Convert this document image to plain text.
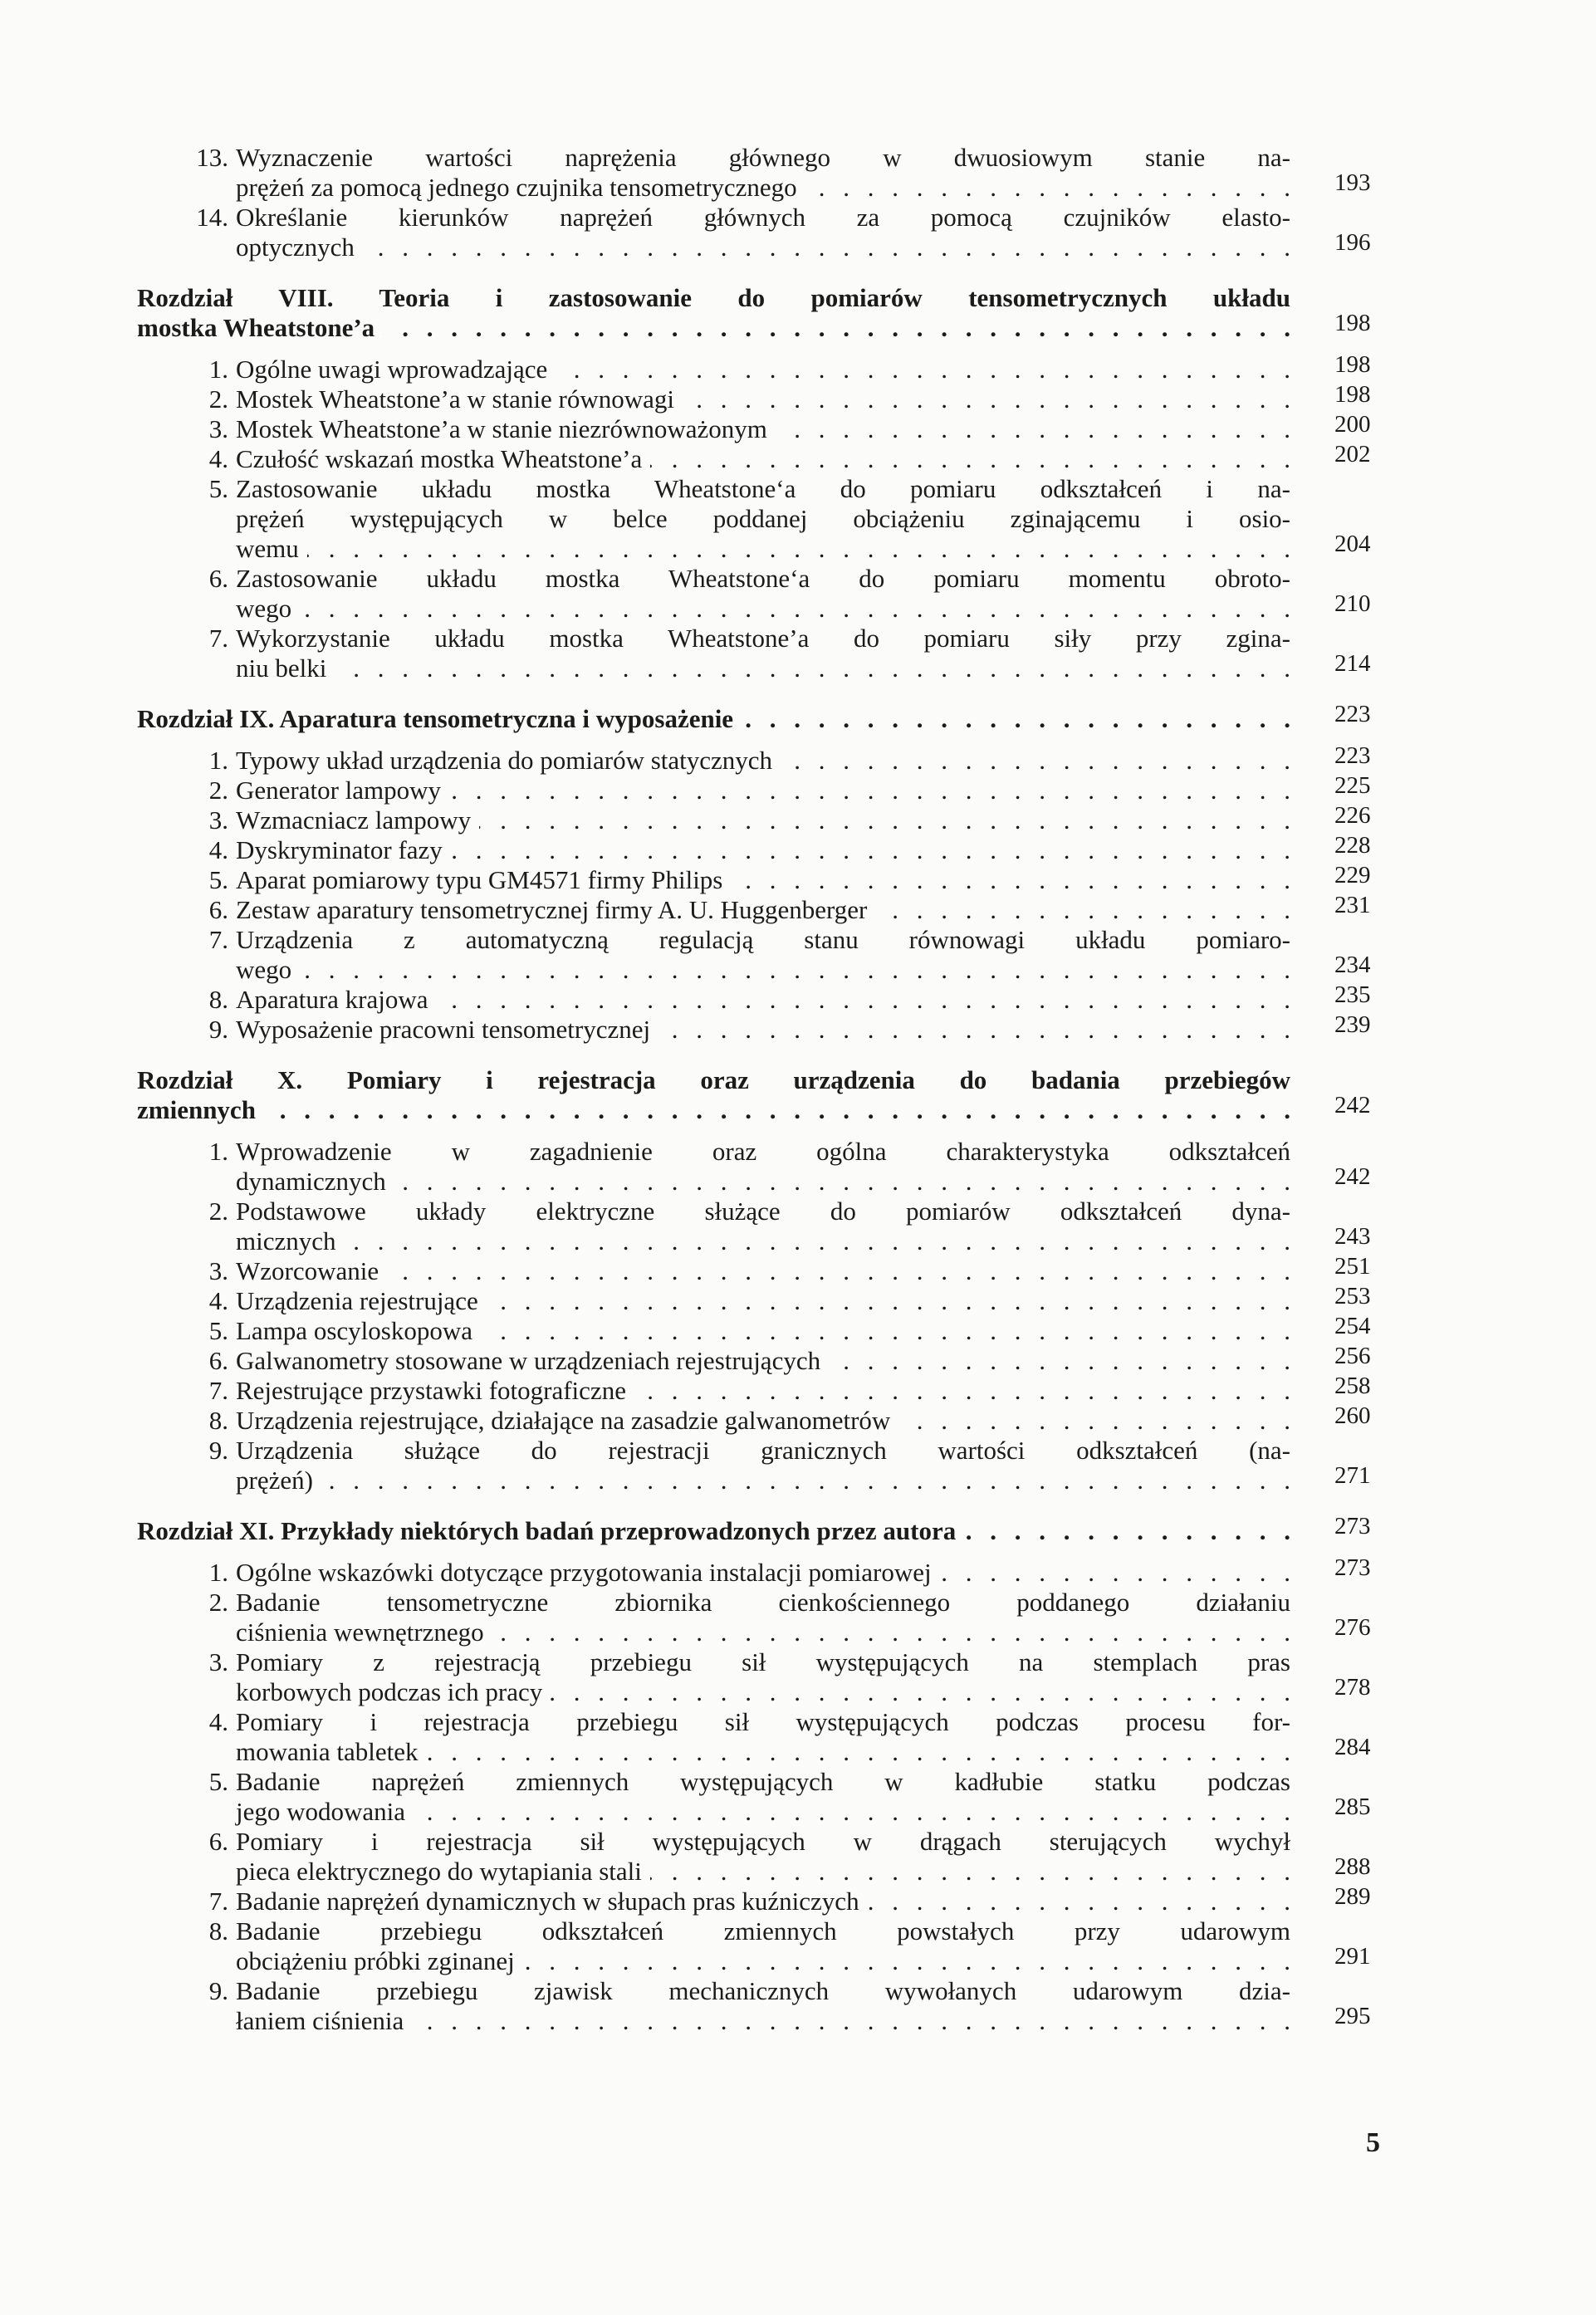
13. Wyznaczenie wartości naprężenia głównego w dwuosiowym stanie na-
prężeń za pomocą jednego czujnika tensometrycznego . . .	193
14. Określanie kierunków naprężeń głównych za pomocą czujników elasto-
optycznych . . .	196
Rozdział VIII. Teoria i zastosowanie do pomiarów tensometrycznych układu
mostka Wheatstone’a . . .	198
1. Ogólne uwagi wprowadzające . . .	198
2. Mostek Wheatstone’a w stanie równowagi . . .	198
3. Mostek Wheatstone’a w stanie niezrównoważonym . . .	200
4. Czułość wskazań mostka Wheatstone’a . . .	202
5. Zastosowanie układu mostka Wheatstone‘a do pomiaru odkształceń i na-
prężeń występujących w belce poddanej obciążeniu zginającemu i osio-
wemu . . .	204
6. Zastosowanie układu mostka Wheatstone‘a do pomiaru momentu obroto-
wego . . .	210
7. Wykorzystanie układu mostka Wheatstone’a do pomiaru siły przy zgina-
niu belki . . .	214
Rozdział IX. Aparatura tensometryczna i wyposażenie . . .	223
1. Typowy układ urządzenia do pomiarów statycznych . . .	223
2. Generator lampowy . . .	225
3. Wzmacniacz lampowy . . .	226
4. Dyskryminator fazy . . .	228
5. Aparat pomiarowy typu GM4571 firmy Philips . . .	229
6. Zestaw aparatury tensometrycznej firmy A. U. Huggenberger . . .	231
7. Urządzenia z automatyczną regulacją stanu równowagi układu pomiaro-
wego . . .	234
8. Aparatura krajowa . . .	235
9. Wyposażenie pracowni tensometrycznej . . .	239
Rozdział X. Pomiary i rejestracja oraz urządzenia do badania przebiegów
zmiennych . . .	242
1. Wprowadzenie w zagadnienie oraz ogólna charakterystyka odkształceń
dynamicznych . . .	242
2. Podstawowe układy elektryczne służące do pomiarów odkształceń dyna-
micznych . . .	243
3. Wzorcowanie . . .	251
4. Urządzenia rejestrujące . . .	253
5. Lampa oscyloskopowa . . .	254
6. Galwanometry stosowane w urządzeniach rejestrujących . . .	256
7. Rejestrujące przystawki fotograficzne . . .	258
8. Urządzenia rejestrujące, działające na zasadzie galwanometrów . . .	260
9. Urządzenia służące do rejestracji granicznych wartości odkształceń (na-
prężeń) . . .	271
Rozdział XI. Przykłady niektórych badań przeprowadzonych przez autora . . .	273
1. Ogólne wskazówki dotyczące przygotowania instalacji pomiarowej . . .	273
2. Badanie tensometryczne zbiornika cienkościennego poddanego działaniu
ciśnienia wewnętrznego . . .	276
3. Pomiary z rejestracją przebiegu sił występujących na stemplach pras
korbowych podczas ich pracy . . .	278
4. Pomiary i rejestracja przebiegu sił występujących podczas procesu for-
mowania tabletek . . .	284
5. Badanie naprężeń zmiennych występujących w kadłubie statku podczas
jego wodowania . . .	285
6. Pomiary i rejestracja sił występujących w drągach sterujących wychył
pieca elektrycznego do wytapiania stali . . .	288
7. Badanie naprężeń dynamicznych w słupach pras kuźniczych . . .	289
8. Badanie przebiegu odkształceń zmiennych powstałych przy udarowym
obciążeniu próbki zginanej . . .	291
9. Badanie przebiegu zjawisk mechanicznych wywołanych udarowym dzia-
łaniem ciśnienia . . .	295
5
